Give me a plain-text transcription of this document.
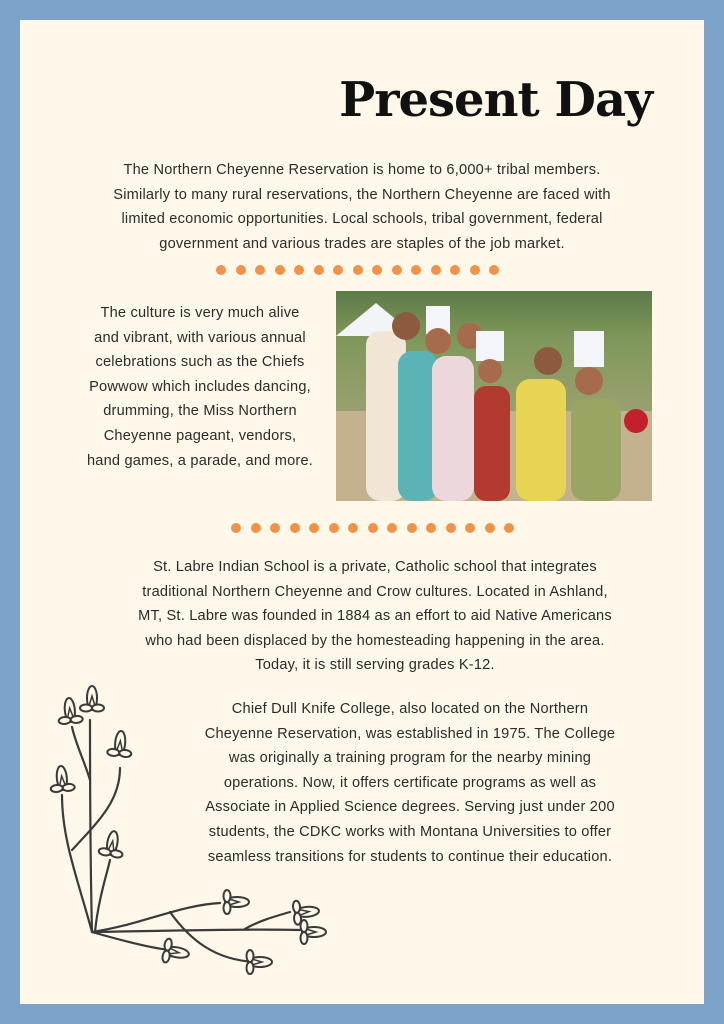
Present Day
The Northern Cheyenne Reservation is home to 6,000+ tribal members.
Similarly to many rural reservations, the Northern Cheyenne are faced with
limited economic opportunities. Local schools, tribal government, federal
government and various trades are staples of the job market.
The culture is very much alive
and vibrant, with various annual
celebrations such as the Chiefs
Powwow which includes dancing,
drumming, the Miss Northern
Cheyenne pageant, vendors,
hand games, a parade, and more.
St. Labre Indian School is a private, Catholic school that integrates
traditional Northern Cheyenne and Crow cultures. Located in Ashland,
MT, St. Labre was founded in 1884 as an effort to aid Native Americans
who had been displaced by the homesteading happening in the area.
Today, it is still serving grades K-12.
Chief Dull Knife College, also located on the Northern
Cheyenne Reservation, was established in 1975. The College
was originally a training program for the nearby mining
operations. Now, it offers certificate programs as well as
Associate in Applied Science degrees. Serving just under 200
students, the CDKC works with Montana Universities to offer
seamless transitions for students to continue their education.
